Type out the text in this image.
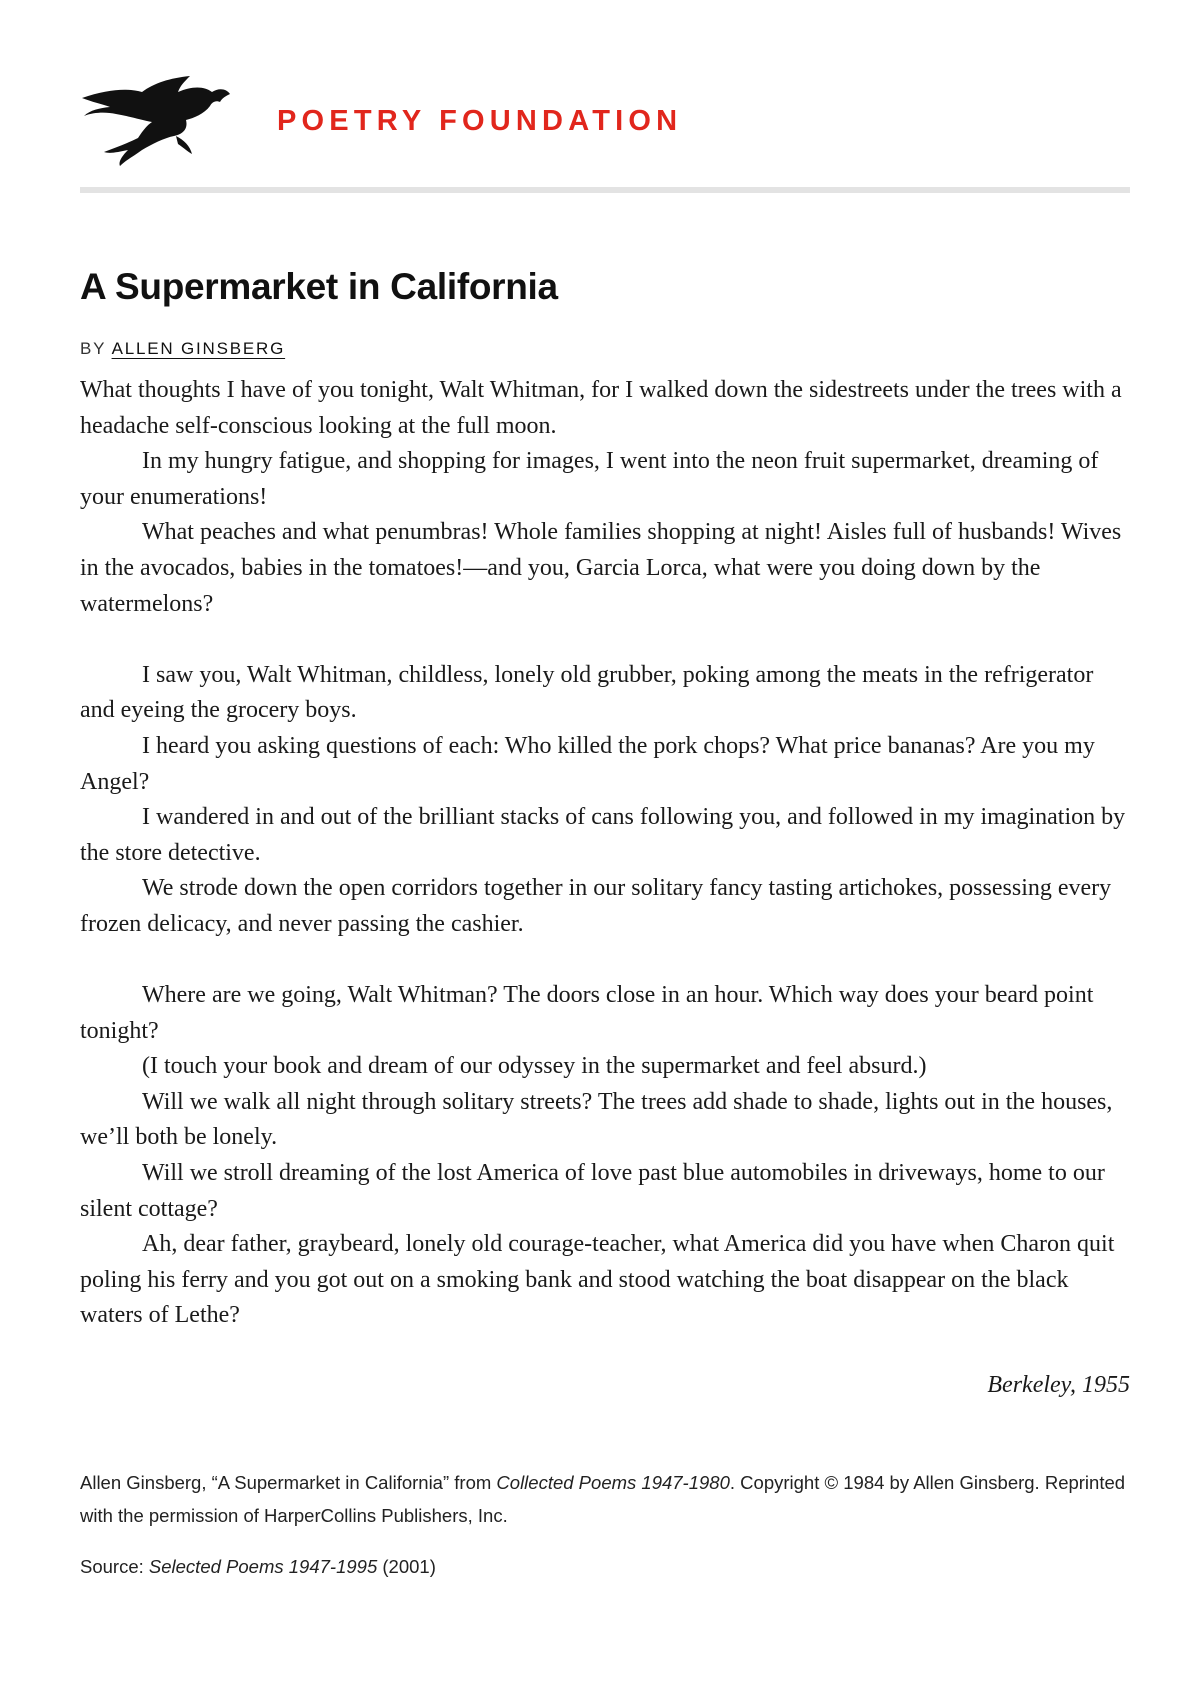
POETRY FOUNDATION
A Supermarket in California
BY ALLEN GINSBERG

What thoughts I have of you tonight, Walt Whitman, for I walked down the sidestreets under the trees with a headache self-conscious looking at the full moon.

In my hungry fatigue, and shopping for images, I went into the neon fruit supermarket, dreaming of your enumerations!

What peaches and what penumbras! Whole families shopping at night! Aisles full of husbands! Wives in the avocados, babies in the tomatoes!—and you, Garcia Lorca, what were you doing down by the watermelons?

I saw you, Walt Whitman, childless, lonely old grubber, poking among the meats in the refrigerator and eyeing the grocery boys.

I heard you asking questions of each: Who killed the pork chops? What price bananas? Are you my Angel?

I wandered in and out of the brilliant stacks of cans following you, and followed in my imagination by the store detective.

We strode down the open corridors together in our solitary fancy tasting artichokes, possessing every frozen delicacy, and never passing the cashier.

Where are we going, Walt Whitman? The doors close in an hour. Which way does your beard point tonight?

(I touch your book and dream of our odyssey in the supermarket and feel absurd.)

Will we walk all night through solitary streets? The trees add shade to shade, lights out in the houses, we’ll both be lonely.

Will we stroll dreaming of the lost America of love past blue automobiles in driveways, home to our silent cottage?

Ah, dear father, graybeard, lonely old courage-teacher, what America did you have when Charon quit poling his ferry and you got out on a smoking bank and stood watching the boat disappear on the black waters of Lethe?

Berkeley, 1955

Allen Ginsberg, “A Supermarket in California” from Collected Poems 1947-1980. Copyright © 1984 by Allen Ginsberg. Reprinted with the permission of HarperCollins Publishers, Inc.

Source: Selected Poems 1947-1995 (2001)
